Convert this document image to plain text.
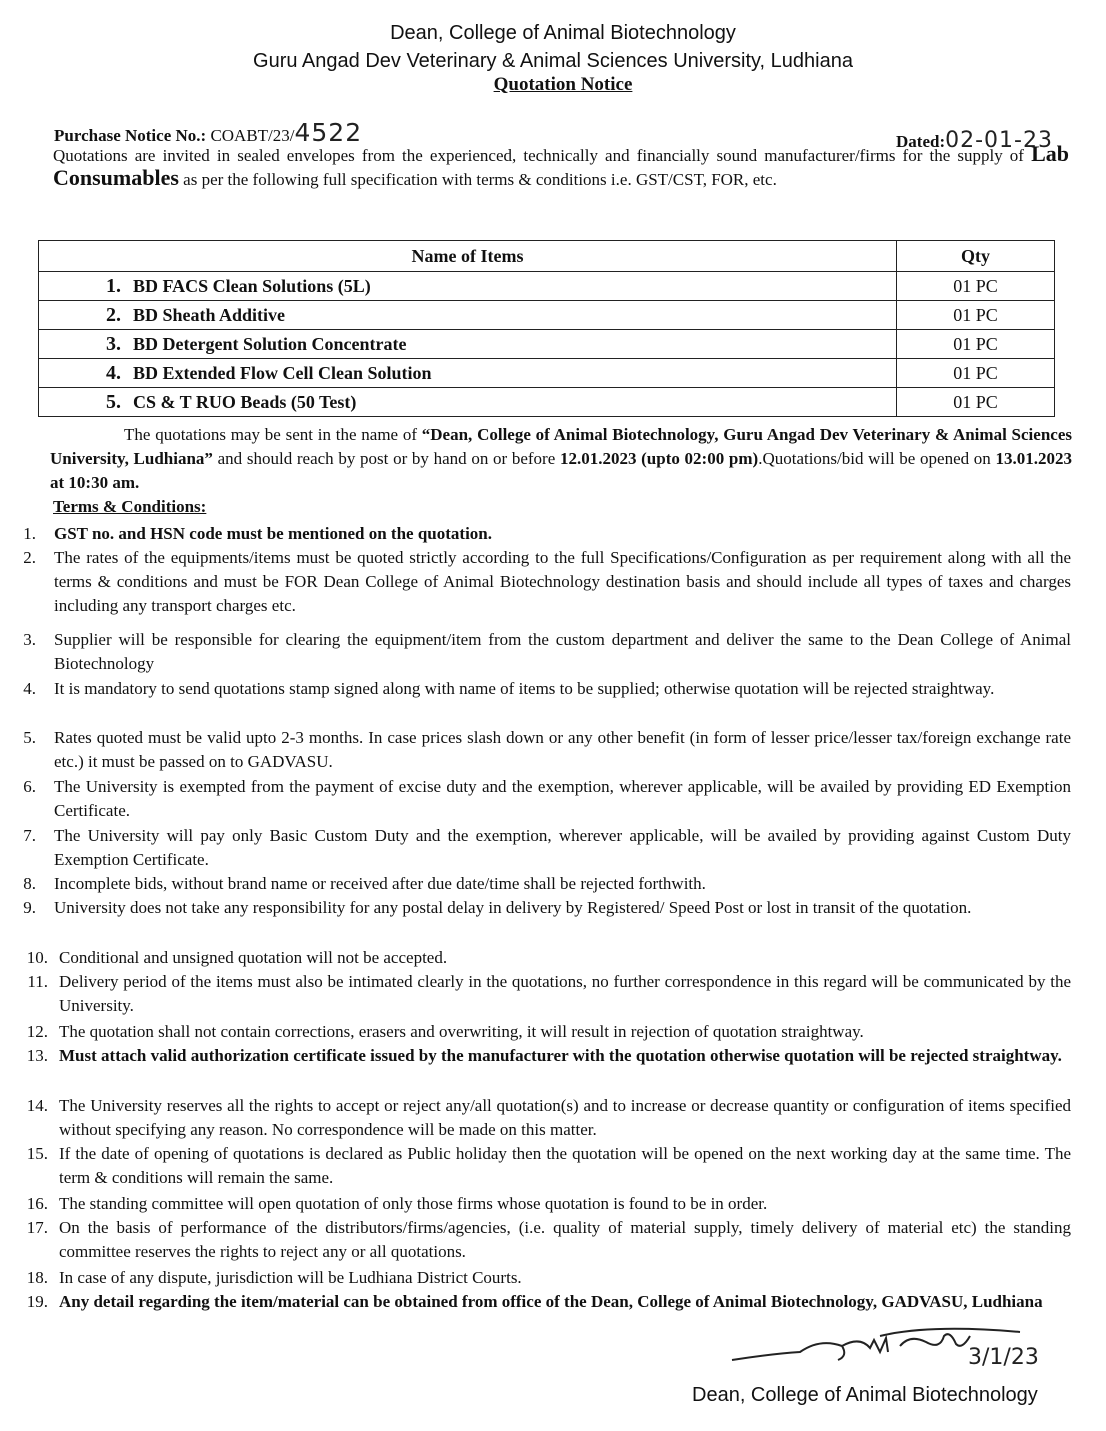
Dean, College of Animal Biotechnology
Guru Angad Dev Veterinary & Animal Sciences University, Ludhiana
Quotation Notice
Purchase Notice No.: COABT/23/4522	Dated:02-01-23
Quotations are invited in sealed envelopes from the experienced, technically and financially sound manufacturer/firms for the supply of Lab Consumables as per the following full specification with terms & conditions i.e. GST/CST, FOR, etc.
Name of Items	Qty
1. BD FACS Clean Solutions (5L)	01 PC
2. BD Sheath Additive	01 PC
3. BD Detergent Solution Concentrate	01 PC
4. BD Extended Flow Cell Clean Solution	01 PC
5. CS & T RUO Beads (50 Test)	01 PC
The quotations may be sent in the name of “Dean, College of Animal Biotechnology, Guru Angad Dev Veterinary & Animal Sciences University, Ludhiana” and should reach by post or by hand on or before 12.01.2023 (upto 02:00 pm).Quotations/bid will be opened on 13.01.2023 at 10:30 am.
Terms & Conditions:
1. GST no. and HSN code must be mentioned on the quotation.
2. The rates of the equipments/items must be quoted strictly according to the full Specifications/Configuration as per requirement along with all the terms & conditions and must be FOR Dean College of Animal Biotechnology destination basis and should include all types of taxes and charges including any transport charges etc.
3. Supplier will be responsible for clearing the equipment/item from the custom department and deliver the same to the Dean College of Animal Biotechnology
4. It is mandatory to send quotations stamp signed along with name of items to be supplied; otherwise quotation will be rejected straightway.
5. Rates quoted must be valid upto 2-3 months. In case prices slash down or any other benefit (in form of lesser price/lesser tax/foreign exchange rate etc.) it must be passed on to GADVASU.
6. The University is exempted from the payment of excise duty and the exemption, wherever applicable, will be availed by providing ED Exemption Certificate.
7. The University will pay only Basic Custom Duty and the exemption, wherever applicable, will be availed by providing against Custom Duty Exemption Certificate.
8. Incomplete bids, without brand name or received after due date/time shall be rejected forthwith.
9. University does not take any responsibility for any postal delay in delivery by Registered/ Speed Post or lost in transit of the quotation.
10. Conditional and unsigned quotation will not be accepted.
11. Delivery period of the items must also be intimated clearly in the quotations, no further correspondence in this regard will be communicated by the University.
12. The quotation shall not contain corrections, erasers and overwriting, it will result in rejection of quotation straightway.
13. Must attach valid authorization certificate issued by the manufacturer with the quotation otherwise quotation will be rejected straightway.
14. The University reserves all the rights to accept or reject any/all quotation(s) and to increase or decrease quantity or configuration of items specified without specifying any reason. No correspondence will be made on this matter.
15. If the date of opening of quotations is declared as Public holiday then the quotation will be opened on the next working day at the same time. The term & conditions will remain the same.
16. The standing committee will open quotation of only those firms whose quotation is found to be in order.
17. On the basis of performance of the distributors/firms/agencies, (i.e. quality of material supply, timely delivery of material etc) the standing committee reserves the rights to reject any or all quotations.
18. In case of any dispute, jurisdiction will be Ludhiana District Courts.
19. Any detail regarding the item/material can be obtained from office of the Dean, College of Animal Biotechnology, GADVASU, Ludhiana
3/1/23
Dean, College of Animal Biotechnology
